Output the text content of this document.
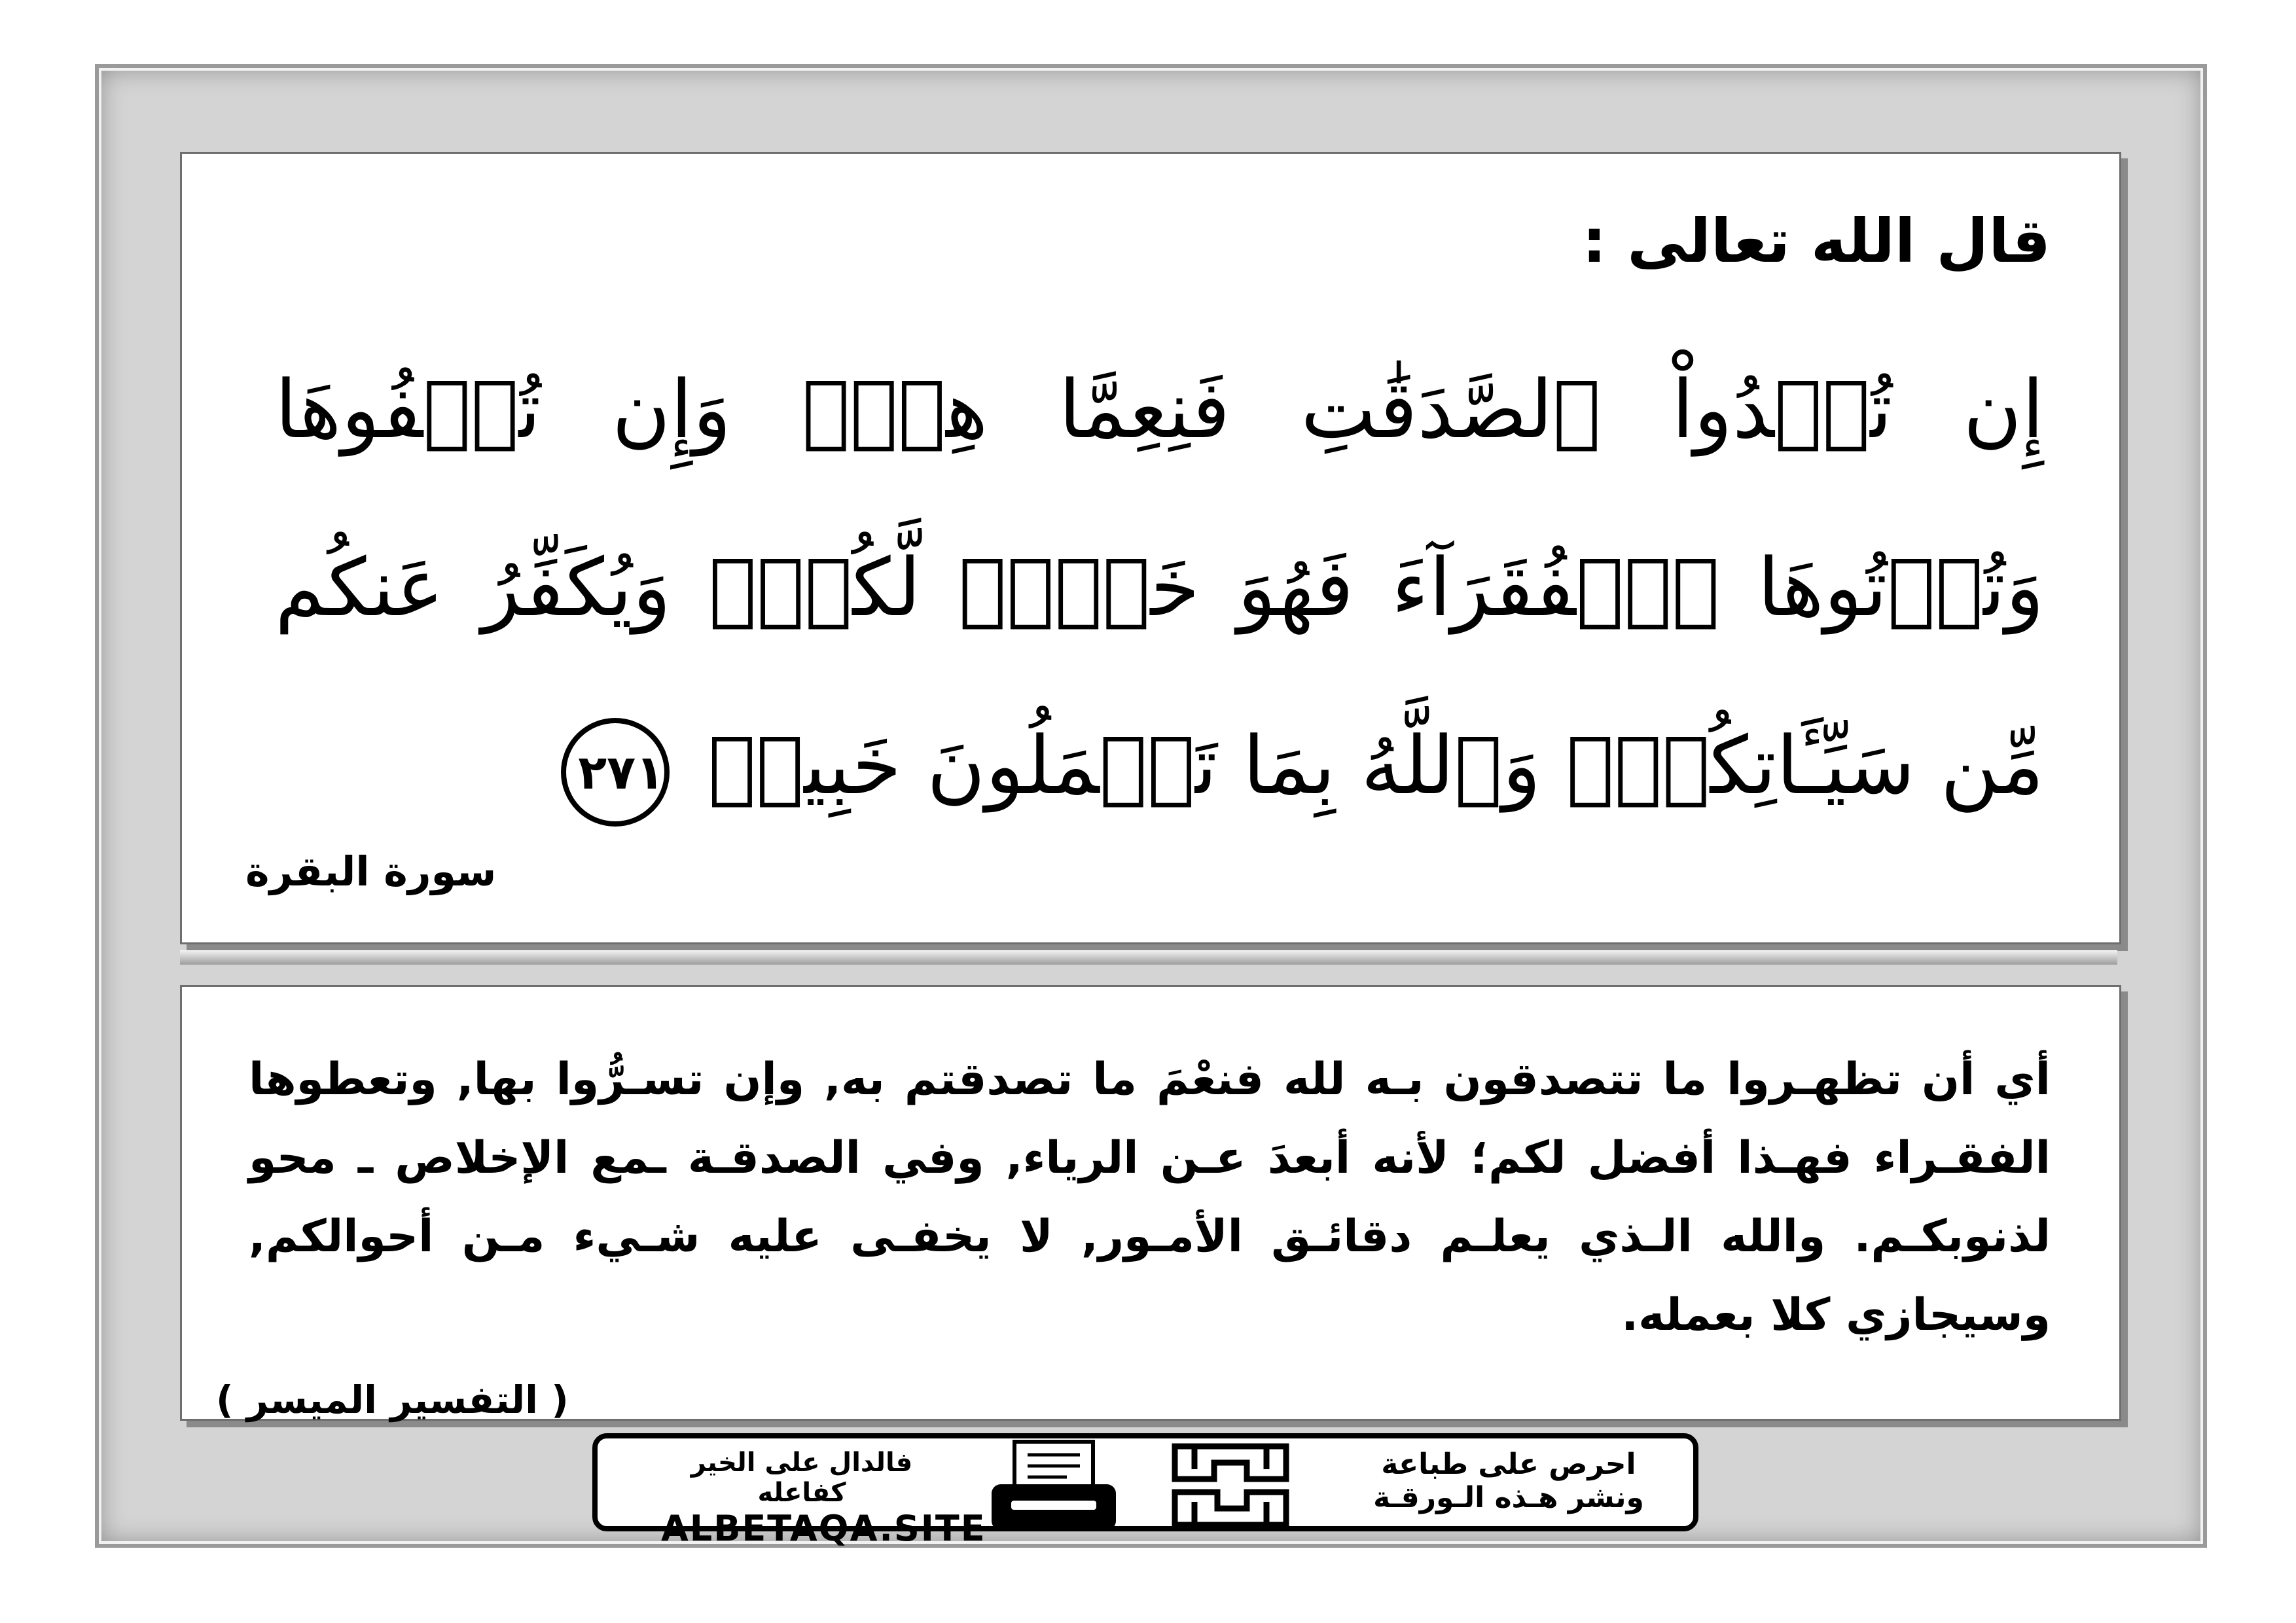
قال الله تعالى :
إِن تُبۡدُواْ ٱلصَّدَقَٰتِ فَنِعِمَّا هِيَۖ وَإِن تُخۡفُوهَا وَتُؤۡتُوهَا ٱلۡفُقَرَآءَ فَهُوَ خَيۡرٞ لَّكُمۡۚ وَيُكَفِّرُ عَنكُم مِّن سَيِّـَٔاتِكُمۡۗ وَٱللَّهُ بِمَا تَعۡمَلُونَ خَبِيرٞ ٢٧١
سورة البقرة
أي أن تظهـروا ما تتصدقون بـه لله فنعْمَ ما تصدقتم به, وإن تسـرُّوا بها, وتعطوها الفقـراء فهـذا أفضل لكم؛ لأنه أبعدَ عـن الرياء, وفي الصدقـة ـمع الإخلاص ـ محو لذنوبكـم. والله الـذي يعلـم دقائـق الأمـور, لا يخفـى عليه شـيء مـن أحوالكم, وسيجازي كلا بعمله.
( التفسير الميسر )
فالدال على الخير كفاعله
ALBETAQA.SITE
احرص على طباعة
ونشر هـذه الـورقـة
